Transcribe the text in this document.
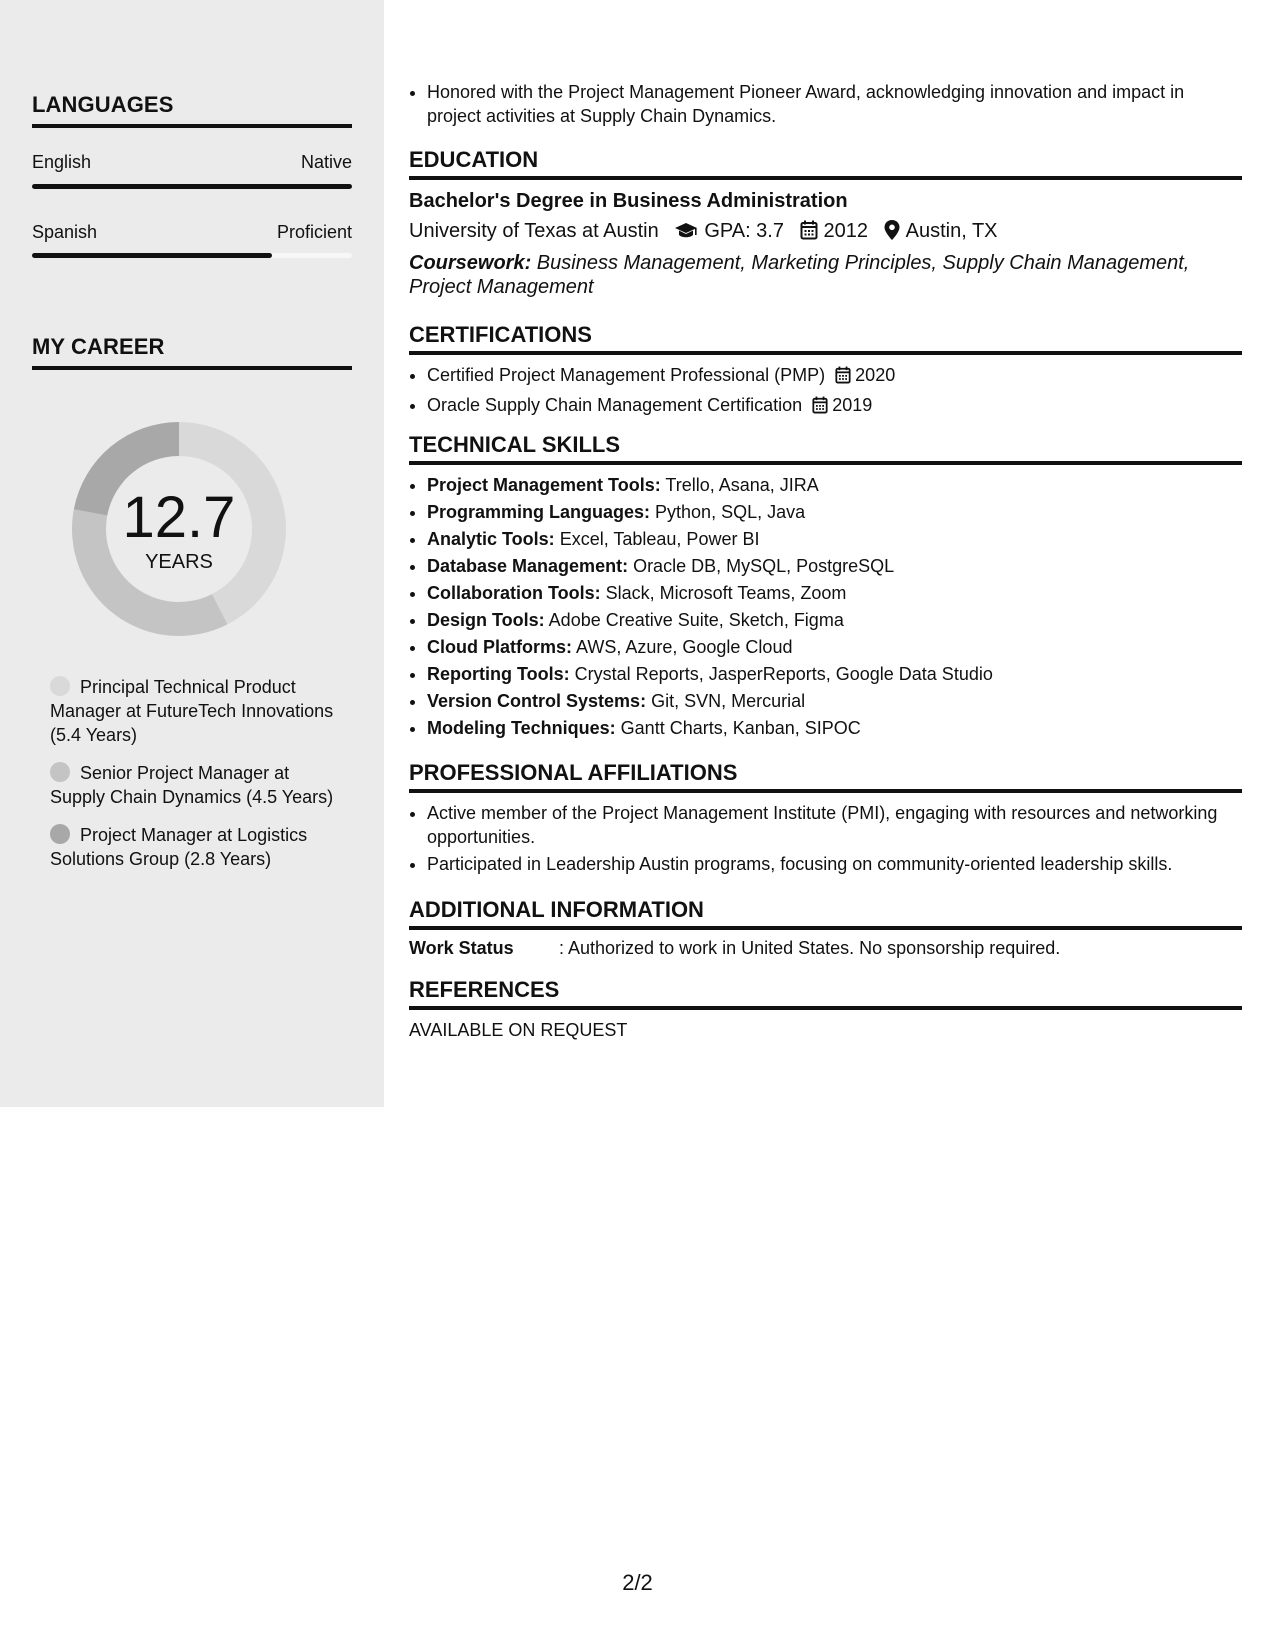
LANGUAGES
English	Native
Spanish	Proficient
MY CAREER
12.7
YEARS
Principal Technical Product Manager at FutureTech Innovations (5.4 Years)
Senior Project Manager at Supply Chain Dynamics (4.5 Years)
Project Manager at Logistics Solutions Group (2.8 Years)
• Honored with the Project Management Pioneer Award, acknowledging innovation and impact in project activities at Supply Chain Dynamics.
EDUCATION
Bachelor's Degree in Business Administration
University of Texas at Austin GPA: 3.7 2012 Austin, TX
Coursework: Business Management, Marketing Principles, Supply Chain Management, Project Management
CERTIFICATIONS
• Certified Project Management Professional (PMP) 2020
• Oracle Supply Chain Management Certification 2019
TECHNICAL SKILLS
• Project Management Tools: Trello, Asana, JIRA
• Programming Languages: Python, SQL, Java
• Analytic Tools: Excel, Tableau, Power BI
• Database Management: Oracle DB, MySQL, PostgreSQL
• Collaboration Tools: Slack, Microsoft Teams, Zoom
• Design Tools: Adobe Creative Suite, Sketch, Figma
• Cloud Platforms: AWS, Azure, Google Cloud
• Reporting Tools: Crystal Reports, JasperReports, Google Data Studio
• Version Control Systems: Git, SVN, Mercurial
• Modeling Techniques: Gantt Charts, Kanban, SIPOC
PROFESSIONAL AFFILIATIONS
• Active member of the Project Management Institute (PMI), engaging with resources and networking opportunities.
• Participated in Leadership Austin programs, focusing on community-oriented leadership skills.
ADDITIONAL INFORMATION
Work Status	: Authorized to work in United States. No sponsorship required.
REFERENCES
AVAILABLE ON REQUEST
2/2
